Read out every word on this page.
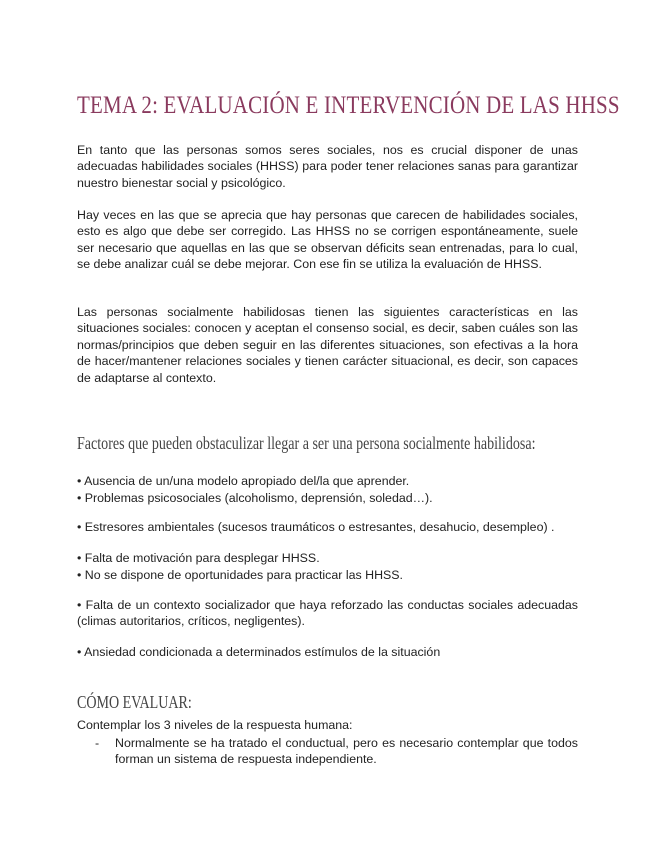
TEMA 2: EVALUACIÓN E INTERVENCIÓN DE LAS HHSS

En tanto que las personas somos seres sociales, nos es crucial disponer de unas adecuadas habilidades sociales (HHSS) para poder tener relaciones sanas para garantizar nuestro bienestar social y psicológico.

Hay veces en las que se aprecia que hay personas que carecen de habilidades sociales, esto es algo que debe ser corregido. Las HHSS no se corrigen espontáneamente, suele ser necesario que aquellas en las que se observan déficits sean entrenadas, para lo cual, se debe analizar cuál se debe mejorar. Con ese fin se utiliza la evaluación de HHSS.

Las personas socialmente habilidosas tienen las siguientes características en las situaciones sociales: conocen y aceptan el consenso social, es decir, saben cuáles son las normas/principios que deben seguir en las diferentes situaciones, son efectivas a la hora de hacer/mantener relaciones sociales y tienen carácter situacional, es decir, son capaces de adaptarse al contexto.

Factores que pueden obstaculizar llegar a ser una persona socialmente habilidosa:

• Ausencia de un/una modelo apropiado del/la que aprender.

• Problemas psicosociales (alcoholismo, deprensión, soledad…).

• Estresores ambientales (sucesos traumáticos o estresantes, desahucio, desempleo) .

• Falta de motivación para desplegar HHSS.

• No se dispone de oportunidades para practicar las HHSS.

• Falta de un contexto socializador que haya reforzado las conductas sociales adecuadas (climas autoritarios, críticos, negligentes).

• Ansiedad condicionada a determinados estímulos de la situación

CÓMO EVALUAR:

Contemplar los 3 niveles de la respuesta humana:

- Normalmente se ha tratado el conductual, pero es necesario contemplar que todos forman un sistema de respuesta independiente.
